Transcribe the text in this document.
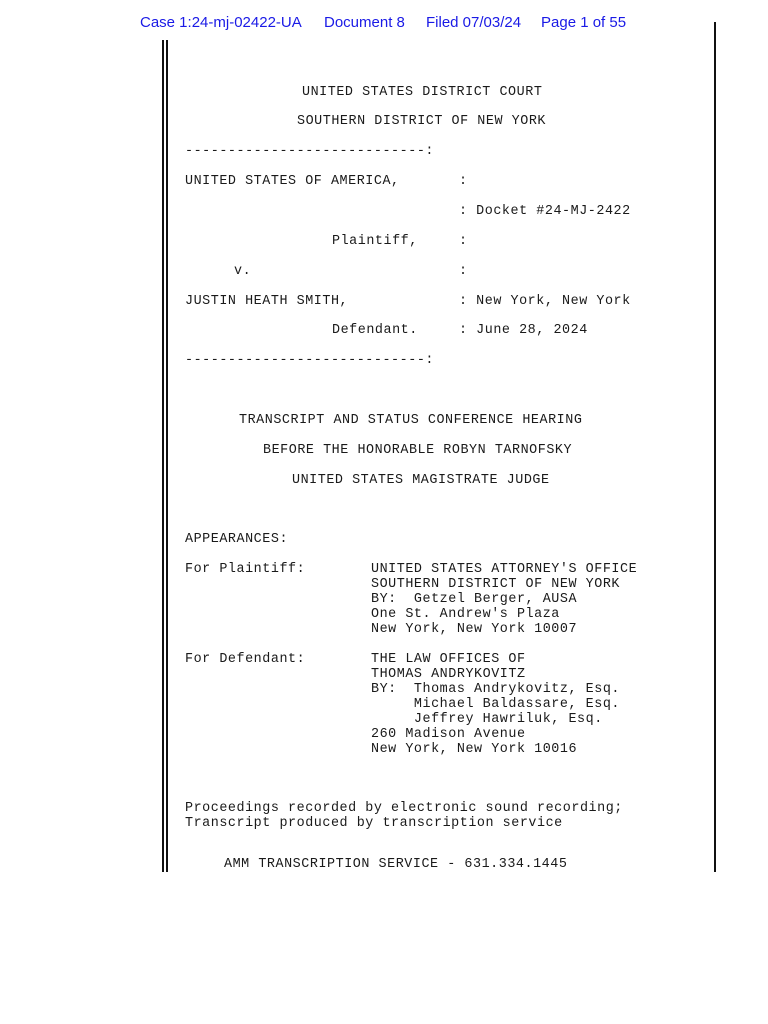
Case 1:24-mj-02422-UA Document 8 Filed 07/03/24 Page 1 of 55
UNITED STATES DISTRICT COURT
SOUTHERN DISTRICT OF NEW YORK
----------------------------:
UNITED STATES OF AMERICA,	:
: Docket #24-MJ-2422
Plaintiff,	:
v.	:
JUSTIN HEATH SMITH,	: New York, New York
Defendant.	: June 28, 2024
----------------------------:
TRANSCRIPT AND STATUS CONFERENCE HEARING
BEFORE THE HONORABLE ROBYN TARNOFSKY
UNITED STATES MAGISTRATE JUDGE
APPEARANCES:
For Plaintiff:	UNITED STATES ATTORNEY'S OFFICE
SOUTHERN DISTRICT OF NEW YORK
BY:  Getzel Berger, AUSA
One St. Andrew's Plaza
New York, New York 10007
For Defendant:	THE LAW OFFICES OF
THOMAS ANDRYKOVITZ
BY:  Thomas Andrykovitz, Esq.
Michael Baldassare, Esq.
Jeffrey Hawriluk, Esq.
260 Madison Avenue
New York, New York 10016
Proceedings recorded by electronic sound recording;
Transcript produced by transcription service
AMM TRANSCRIPTION SERVICE - 631.334.1445
